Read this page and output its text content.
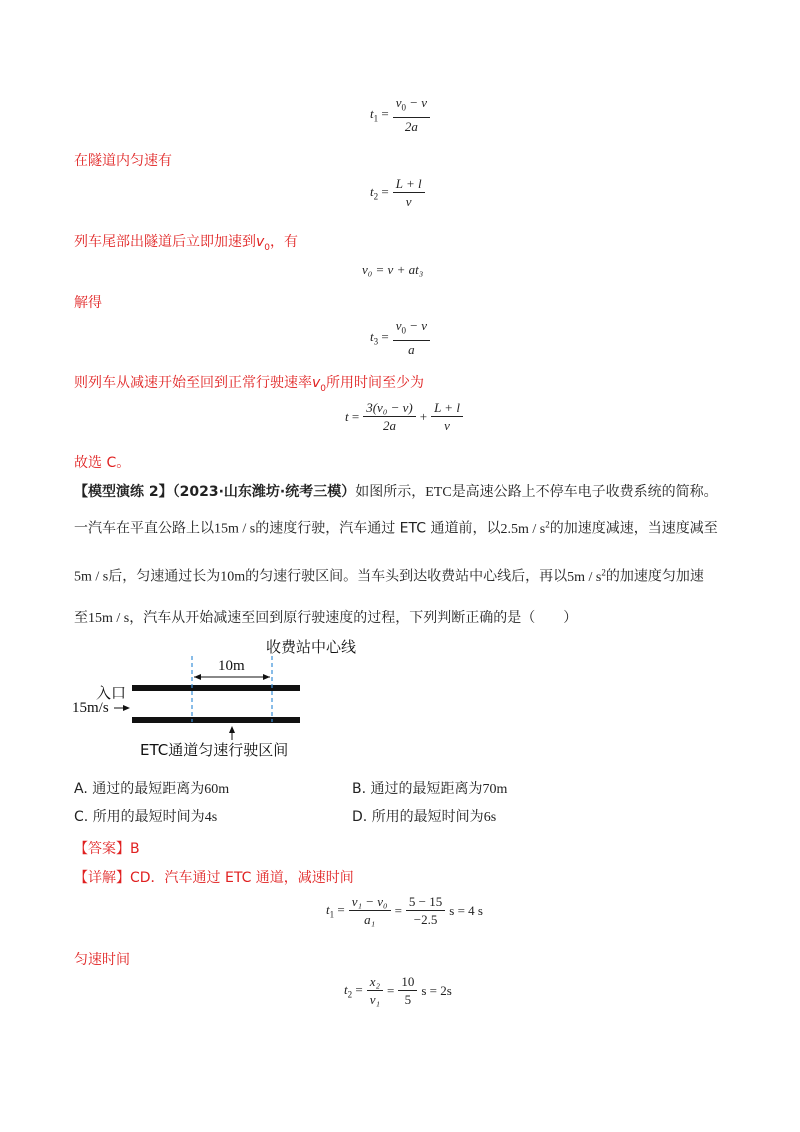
$t_1 = \frac{v_0 - v}{2a}$
在隧道内匀速有
$t_2 = \frac{L + l}{v}$
列车尾部出隧道后立即加速到$v_0$，有
v₀ = v + at₃
解得
$t_3 = \frac{v_0 - v}{a}$
则列车从减速开始至回到正常行驶速率$v_0$所用时间至少为
$t = \frac{\text{3(v₀ − v)}}{2a} + \frac{L + l}{v}$
故选 C。
【模型演练 2】（2023·山东潍坊·统考三模）如图所示，ETC是高速公路上不停车电子收费系统的简称。
一汽车在平直公路上以15m / s的速度行驶，汽车通过 ETC 通道前，以$2.5m / s^2$的加速度减速，当速度减至
5m / s后，匀速通过长为10m的匀速行驶区间。当车头到达收费站中心线后，再以$5m / s^2$的加速度匀加速
至15m / s，汽车从开始减速至回到原行驶速度的过程，下列判断正确的是（　　）
收费站中心线
10m
入口
15m/s
ETC通道匀速行驶区间
A. 通过的最短距离为60m	B. 通过的最短距离为70m
C. 所用的最短时间为4s	D. 所用的最短时间为6s
【答案】B
【详解】CD．汽车通过 ETC 通道，减速时间
$t_1 = \frac{\text{v₁ − v₀}}{\text{a₁}} = \frac{5 - 15}{-2.5}$ s = 4 s
匀速时间
$t_2 = \frac{\text{x₂}}{\text{v₁}} = \frac{10}{5}$ s = 2s
